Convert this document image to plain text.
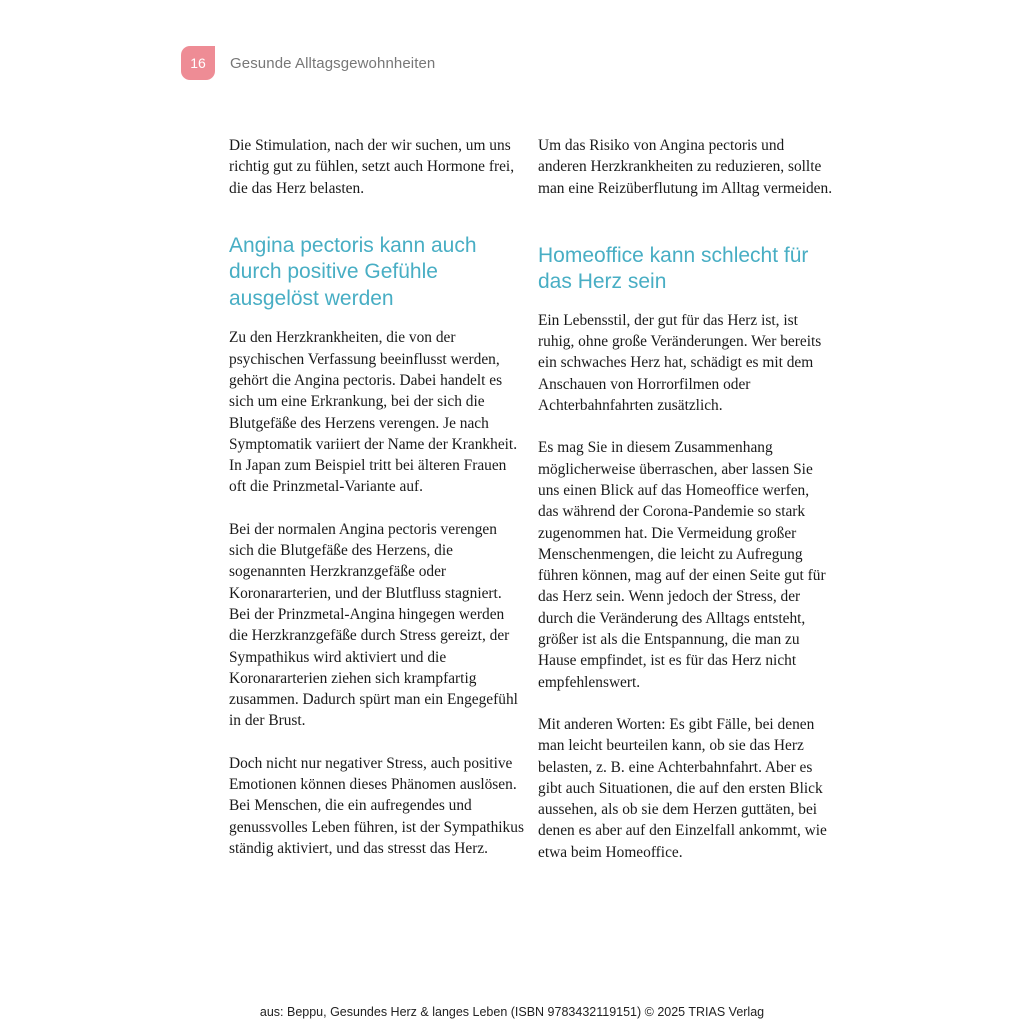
16	Gesunde Alltagsgewohnheiten

Die Stimulation, nach der wir suchen, um uns richtig gut zu fühlen, setzt auch Hormone frei, die das Herz belasten.

Angina pectoris kann auch durch positive Gefühle ausgelöst werden

Zu den Herzkrankheiten, die von der psychischen Verfassung beeinflusst werden, gehört die Angina pectoris. Dabei handelt es sich um eine Erkrankung, bei der sich die Blutgefäße des Herzens verengen. Je nach Symptomatik variiert der Name der Krankheit. In Japan zum Beispiel tritt bei älteren Frauen oft die Prinzmetal-Variante auf.

Bei der normalen Angina pectoris verengen sich die Blutgefäße des Herzens, die sogenannten Herzkranzgefäße oder Koronararterien, und der Blutfluss stagniert. Bei der Prinzmetal-Angina hingegen werden die Herzkranzgefäße durch Stress gereizt, der Sympathikus wird aktiviert und die Koronararterien ziehen sich krampfartig zusammen. Dadurch spürt man ein Engegefühl in der Brust.

Doch nicht nur negativer Stress, auch positive Emotionen können dieses Phänomen auslösen. Bei Menschen, die ein aufregendes und genussvolles Leben führen, ist der Sympathikus ständig aktiviert, und das stresst das Herz.

Um das Risiko von Angina pectoris und anderen Herzkrankheiten zu reduzieren, sollte man eine Reizüberflutung im Alltag vermeiden.

Homeoffice kann schlecht für das Herz sein

Ein Lebensstil, der gut für das Herz ist, ist ruhig, ohne große Veränderungen. Wer bereits ein schwaches Herz hat, schädigt es mit dem Anschauen von Horrorfilmen oder Achterbahnfahrten zusätzlich.

Es mag Sie in diesem Zusammenhang möglicherweise überraschen, aber lassen Sie uns einen Blick auf das Homeoffice werfen, das während der Corona-Pandemie so stark zugenommen hat. Die Vermeidung großer Menschenmengen, die leicht zu Aufregung führen können, mag auf der einen Seite gut für das Herz sein. Wenn jedoch der Stress, der durch die Veränderung des Alltags entsteht, größer ist als die Entspannung, die man zu Hause empfindet, ist es für das Herz nicht empfehlenswert.

Mit anderen Worten: Es gibt Fälle, bei denen man leicht beurteilen kann, ob sie das Herz belasten, z. B. eine Achterbahnfahrt. Aber es gibt auch Situationen, die auf den ersten Blick aussehen, als ob sie dem Herzen guttäten, bei denen es aber auf den Einzelfall ankommt, wie etwa beim Homeoffice.

aus: Beppu, Gesundes Herz & langes Leben (ISBN 9783432119151) © 2025 TRIAS Verlag
